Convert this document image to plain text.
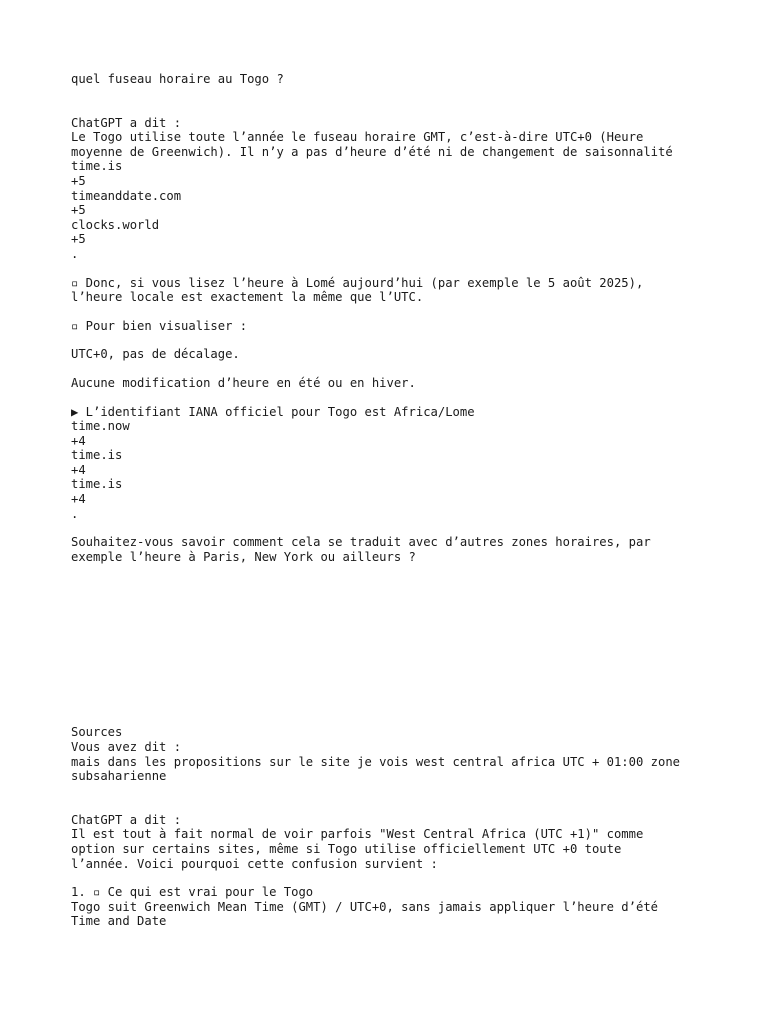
quel fuseau horaire au Togo ?
ChatGPT a dit :
Le Togo utilise toute l’année le fuseau horaire GMT, c’est-à-dire UTC+0 (Heure
moyenne de Greenwich). Il n’y a pas d’heure d’été ni de changement de saisonnalité
time.is
+5
timeanddate.com
+5
clocks.world
+5
.
▫ Donc, si vous lisez l’heure à Lomé aujourd’hui (par exemple le 5 août 2025),
l’heure locale est exactement la même que l’UTC.
▫ Pour bien visualiser :
UTC+0, pas de décalage.
Aucune modification d’heure en été ou en hiver.
▶ L’identifiant IANA officiel pour Togo est Africa/Lome
time.now
+4
time.is
+4
time.is
+4
.
Souhaitez-vous savoir comment cela se traduit avec d’autres zones horaires, par
exemple l’heure à Paris, New York ou ailleurs ?
Sources
Vous avez dit :
mais dans les propositions sur le site je vois west central africa UTC + 01:00 zone
subsaharienne
ChatGPT a dit :
Il est tout à fait normal de voir parfois "West Central Africa (UTC +1)" comme
option sur certains sites, même si Togo utilise officiellement UTC +0 toute
l’année. Voici pourquoi cette confusion survient :
1. ▫ Ce qui est vrai pour le Togo
Togo suit Greenwich Mean Time (GMT) / UTC+0, sans jamais appliquer l’heure d’été
Time and Date
